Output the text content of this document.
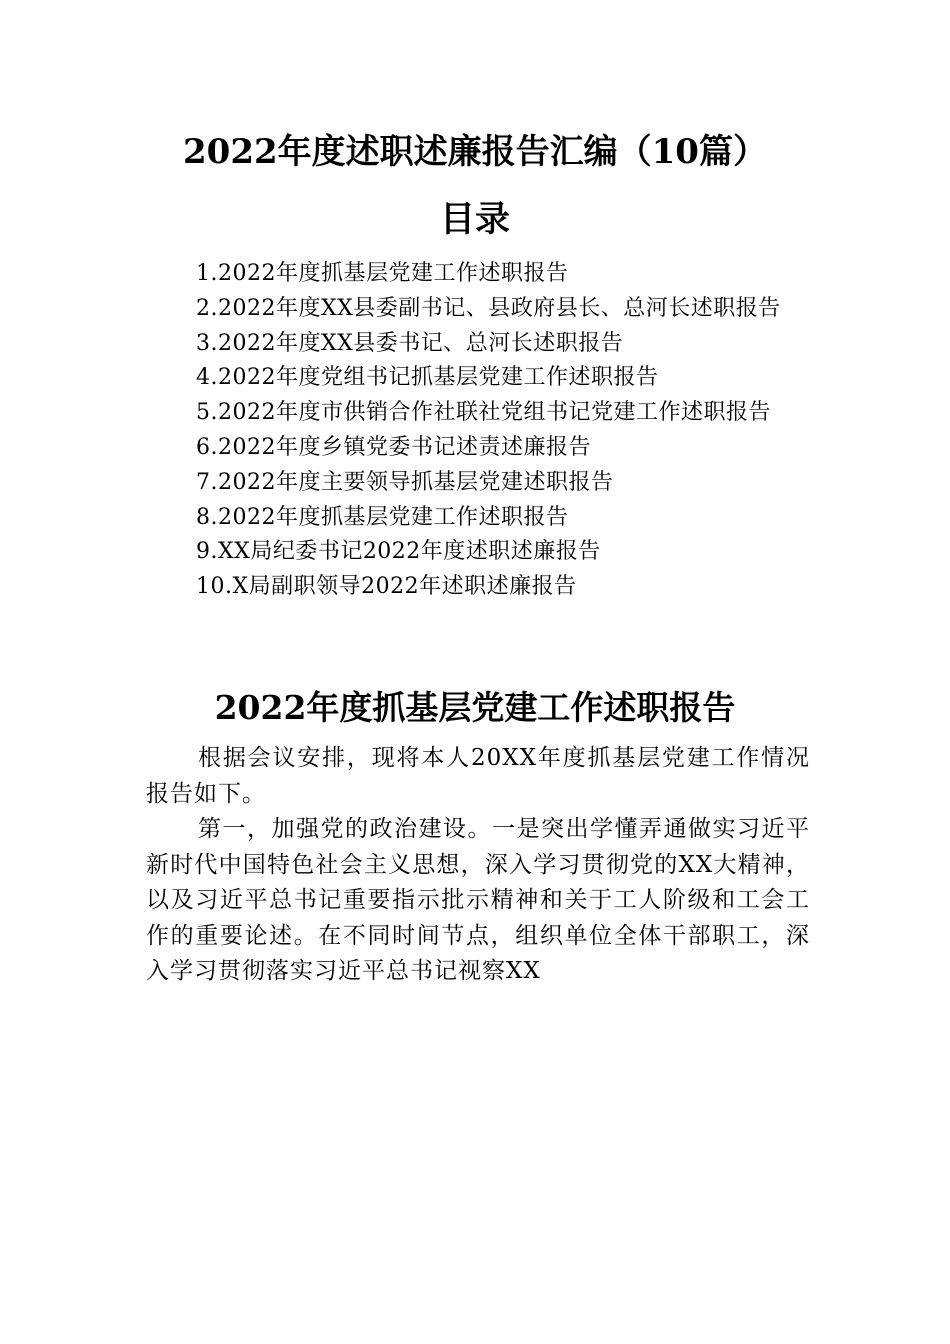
2022年度述职述廉报告汇编（10篇）
目录
1.2022年度抓基层党建工作述职报告
2.2022年度XX县委副书记、县政府县长、总河长述职报告
3.2022年度XX县委书记、总河长述职报告
4.2022年度党组书记抓基层党建工作述职报告
5.2022年度市供销合作社联社党组书记党建工作述职报告
6.2022年度乡镇党委书记述责述廉报告
7.2022年度主要领导抓基层党建述职报告
8.2022年度抓基层党建工作述职报告
9.XX局纪委书记2022年度述职述廉报告
10.X局副职领导2022年述职述廉报告
2022年度抓基层党建工作述职报告

根据会议安排，现将本人20XX年度抓基层党建工作情况报告如下。

第一，加强党的政治建设。一是突出学懂弄通做实习近平新时代中国特色社会主义思想，深入学习贯彻党的XX大精神，以及习近平总书记重要指示批示精神和关于工人阶级和工会工作的重要论述。在不同时间节点，组织单位全体干部职工，深入学习贯彻落实习近平总书记视察XX
